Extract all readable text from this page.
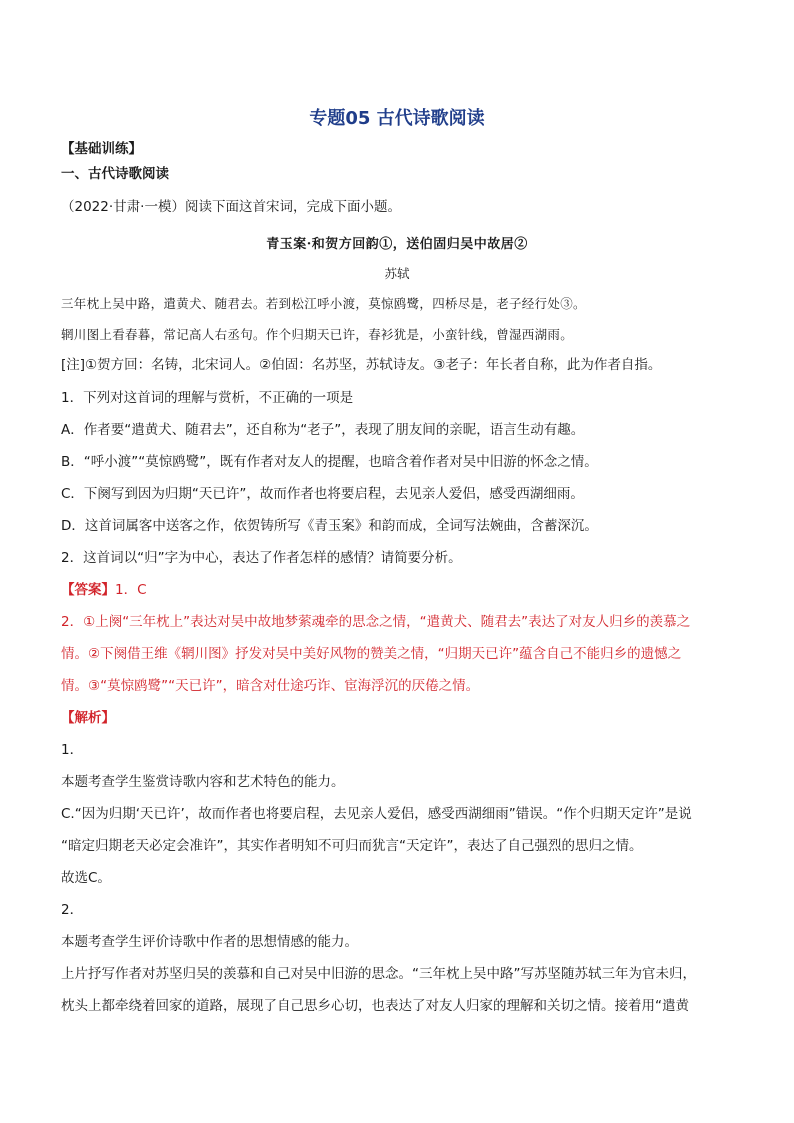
专题05 古代诗歌阅读
【基础训练】
一、古代诗歌阅读
（2022·甘肃·一模）阅读下面这首宋词，完成下面小题。
青玉案·和贺方回韵①，送伯固归吴中故居②
苏轼
三年枕上吴中路，遣黄犬、随君去。若到松江呼小渡，莫惊鸥鹭，四桥尽是，老子经行处③。
辋川图上看春暮，常记高人右丞句。作个归期天已许，春衫犹是，小蛮针线，曾湿西湖雨。
[注]①贺方回：名铸，北宋词人。②伯固：名苏坚，苏轼诗友。③老子：年长者自称，此为作者自指。
1．下列对这首词的理解与赏析，不正确的一项是
A．作者要“遣黄犬、随君去”，还自称为“老子”，表现了朋友间的亲昵，语言生动有趣。
B．“呼小渡”“莫惊鸥鹭”，既有作者对友人的提醒，也暗含着作者对吴中旧游的怀念之情。
C．下阕写到因为归期“天已许”，故而作者也将要启程，去见亲人爱侣，感受西湖细雨。
D．这首词属客中送客之作，依贺铸所写《青玉案》和韵而成，全词写法婉曲，含蓄深沉。
2．这首词以“归”字为中心，表达了作者怎样的感情？请简要分析。
【答案】1．C
2．①上阕“三年枕上”表达对吴中故地梦萦魂牵的思念之情，“遣黄犬、随君去”表达了对友人归乡的羡慕之
情。②下阕借王维《辋川图》抒发对吴中美好风物的赞美之情，“归期天已许”蕴含自己不能归乡的遗憾之
情。③“莫惊鸥鹭”“天已许”，暗含对仕途巧诈、宦海浮沉的厌倦之情。
【解析】
1．
本题考查学生鉴赏诗歌内容和艺术特色的能力。
C.“因为归期‘天已许’，故而作者也将要启程，去见亲人爱侣，感受西湖细雨”错误。“作个归期天定许”是说
“暗定归期老天必定会准许”，其实作者明知不可归而犹言“天定许”，表达了自己强烈的思归之情。
故选C。
2．
本题考查学生评价诗歌中作者的思想情感的能力。
上片抒写作者对苏坚归吴的羡慕和自己对吴中旧游的思念。“三年枕上吴中路”写苏坚随苏轼三年为官未归，
枕头上都牵绕着回家的道路，展现了自己思乡心切，也表达了对友人归家的理解和关切之情。接着用“遣黄
